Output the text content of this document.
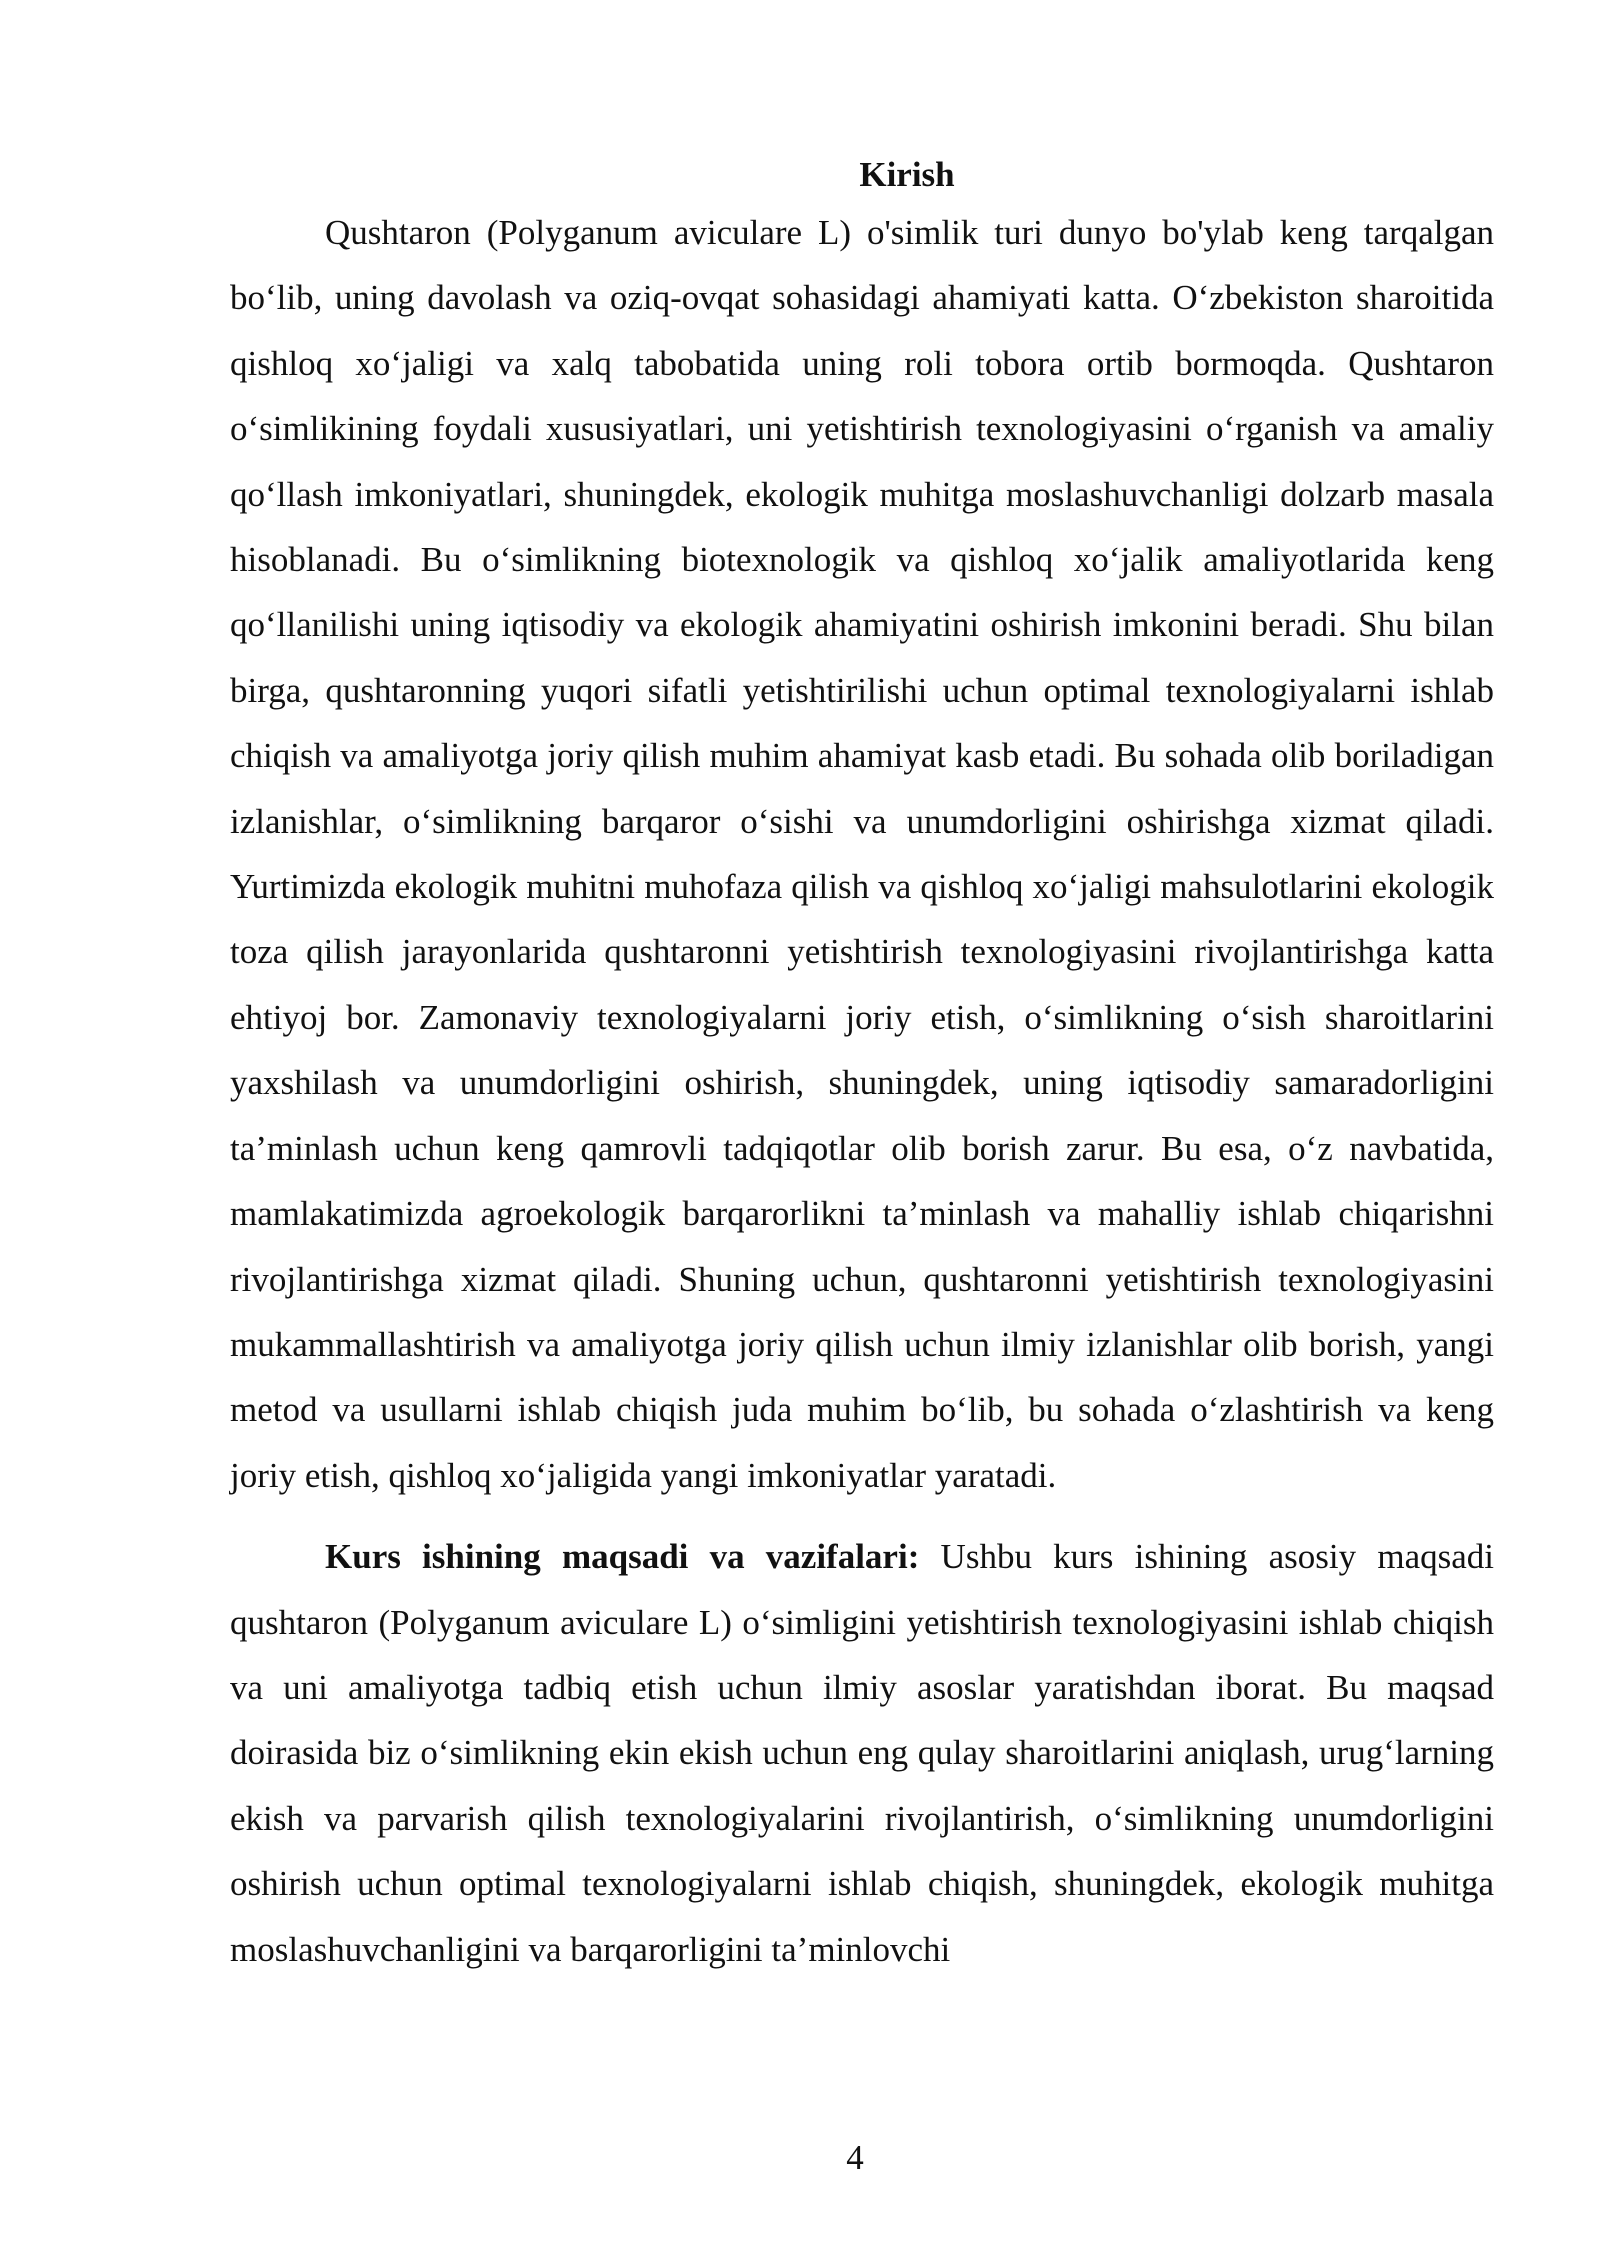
Kirish

Qushtaron (Polyganum aviculare L) o'simlik turi dunyo bo'ylab keng tarqalgan bo‘lib, uning davolash va oziq-ovqat sohasidagi ahamiyati katta. O‘zbekiston sharoitida qishloq xo‘jaligi va xalq tabobatida uning roli tobora ortib bormoqda. Qushtaron o‘simlikining foydali xususiyatlari, uni yetishtirish texnologiyasini o‘rganish va amaliy qo‘llash imkoniyatlari, shuningdek, ekologik muhitga moslashuvchanligi dolzarb masala hisoblanadi. Bu o‘simlikning biotexnologik va qishloq xo‘jalik amaliyotlarida keng qo‘llanilishi uning iqtisodiy va ekologik ahamiyatini oshirish imkonini beradi. Shu bilan birga, qushtaronning yuqori sifatli yetishtirilishi uchun optimal texnologiyalarni ishlab chiqish va amaliyotga joriy qilish muhim ahamiyat kasb etadi. Bu sohada olib boriladigan izlanishlar, o‘simlikning barqaror o‘sishi va unumdorligini oshirishga xizmat qiladi. Yurtimizda ekologik muhitni muhofaza qilish va qishloq xo‘jaligi mahsulotlarini ekologik toza qilish jarayonlarida qushtaronni yetishtirish texnologiyasini rivojlantirishga katta ehtiyoj bor. Zamonaviy texnologiyalarni joriy etish, o‘simlikning o‘sish sharoitlarini yaxshilash va unumdorligini oshirish, shuningdek, uning iqtisodiy samaradorligini ta’minlash uchun keng qamrovli tadqiqotlar olib borish zarur. Bu esa, o‘z navbatida, mamlakatimizda agroekologik barqarorlikni ta’minlash va mahalliy ishlab chiqarishni rivojlantirishga xizmat qiladi. Shuning uchun, qushtaronni yetishtirish texnologiyasini mukammallashtirish va amaliyotga joriy qilish uchun ilmiy izlanishlar olib borish, yangi metod va usullarni ishlab chiqish juda muhim bo‘lib, bu sohada o‘zlashtirish va keng joriy etish, qishloq xo‘jaligida yangi imkoniyatlar yaratadi.

Kurs ishining maqsadi va vazifalari: Ushbu kurs ishining asosiy maqsadi qushtaron (Polyganum aviculare L) o‘simligini yetishtirish texnologiyasini ishlab chiqish va uni amaliyotga tadbiq etish uchun ilmiy asoslar yaratishdan iborat. Bu maqsad doirasida biz o‘simlikning ekin ekish uchun eng qulay sharoitlarini aniqlash, urug‘larning ekish va parvarish qilish texnologiyalarini rivojlantirish, o‘simlikning unumdorligini oshirish uchun optimal texnologiyalarni ishlab chiqish, shuningdek, ekologik muhitga moslashuvchanligini va barqarorligini ta’minlovchi

4
